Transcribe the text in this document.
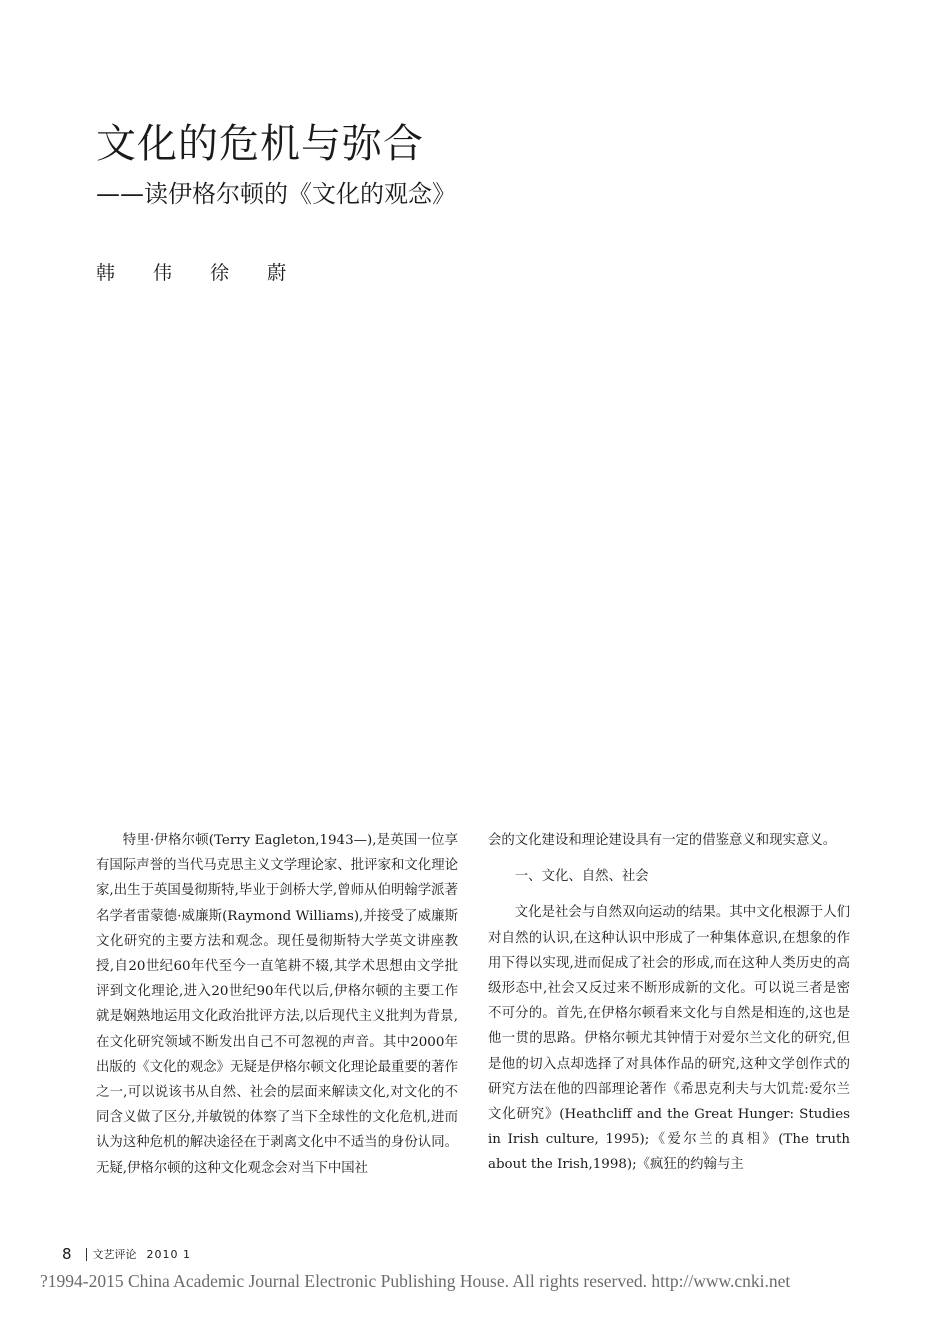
文化的危机与弥合
——读伊格尔顿的《文化的观念》
韩 伟 徐 蔚

特里·伊格尔顿(Terry Eagleton,1943—),是英国一位享有国际声誉的当代马克思主义文学理论家、批评家和文化理论家,出生于英国曼彻斯特,毕业于剑桥大学,曾师从伯明翰学派著名学者雷蒙德·威廉斯(Raymond Williams),并接受了威廉斯文化研究的主要方法和观念。现任曼彻斯特大学英文讲座教授,自20世纪60年代至今一直笔耕不辍,其学术思想由文学批评到文化理论,进入20世纪90年代以后,伊格尔顿的主要工作就是娴熟地运用文化政治批评方法,以后现代主义批判为背景,在文化研究领域不断发出自己不可忽视的声音。其中2000年出版的《文化的观念》无疑是伊格尔顿文化理论最重要的著作之一,可以说该书从自然、社会的层面来解读文化,对文化的不同含义做了区分,并敏锐的体察了当下全球性的文化危机,进而认为这种危机的解决途径在于剥离文化中不适当的身份认同。无疑,伊格尔顿的这种文化观念会对当下中国社

会的文化建设和理论建设具有一定的借鉴意义和现实意义。

一、文化、自然、社会

文化是社会与自然双向运动的结果。其中文化根源于人们对自然的认识,在这种认识中形成了一种集体意识,在想象的作用下得以实现,进而促成了社会的形成,而在这种人类历史的高级形态中,社会又反过来不断形成新的文化。可以说三者是密不可分的。首先,在伊格尔顿看来文化与自然是相连的,这也是他一贯的思路。伊格尔顿尤其钟情于对爱尔兰文化的研究,但是他的切入点却选择了对具体作品的研究,这种文学创作式的研究方法在他的四部理论著作《希思克利夫与大饥荒:爱尔兰文化研究》(Heathcliff and the Great Hunger: Studies in Irish culture, 1995);《爱尔兰的真相》(The truth about the Irish,1998);《疯狂的约翰与主

8 文艺评论 2010 1
?1994-2015 China Academic Journal Electronic Publishing House. All rights reserved. http://www.cnki.net
